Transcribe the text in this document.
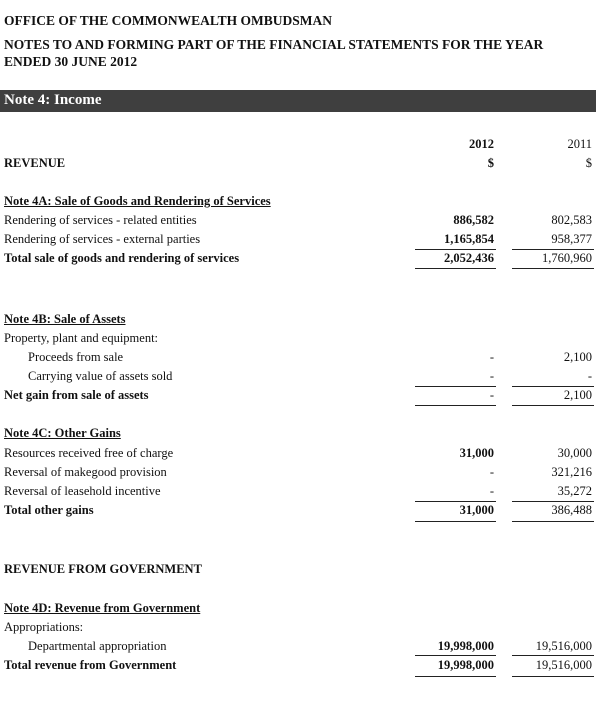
OFFICE OF THE COMMONWEALTH OMBUDSMAN
NOTES TO AND FORMING PART OF THE FINANCIAL STATEMENTS FOR THE YEAR
ENDED 30 JUNE 2012
Note 4: Income
2012	2011
$	$
REVENUE
Note 4A: Sale of Goods and Rendering of Services
Rendering of services - related entities	886,582	802,583
Rendering of services - external parties	1,165,854	958,377
Total sale of goods and rendering of services	2,052,436	1,760,960
Note 4B: Sale of Assets
Property, plant and equipment:
Proceeds from sale	-	2,100
Carrying value of assets sold	-	-
Net gain from sale of assets	-	2,100
Note 4C: Other Gains
Resources received free of charge	31,000	30,000
Reversal of makegood provision	-	321,216
Reversal of leasehold incentive	-	35,272
Total other gains	31,000	386,488
REVENUE FROM GOVERNMENT
Note 4D: Revenue from Government
Appropriations:
Departmental appropriation	19,998,000	19,516,000
Total revenue from Government	19,998,000	19,516,000
